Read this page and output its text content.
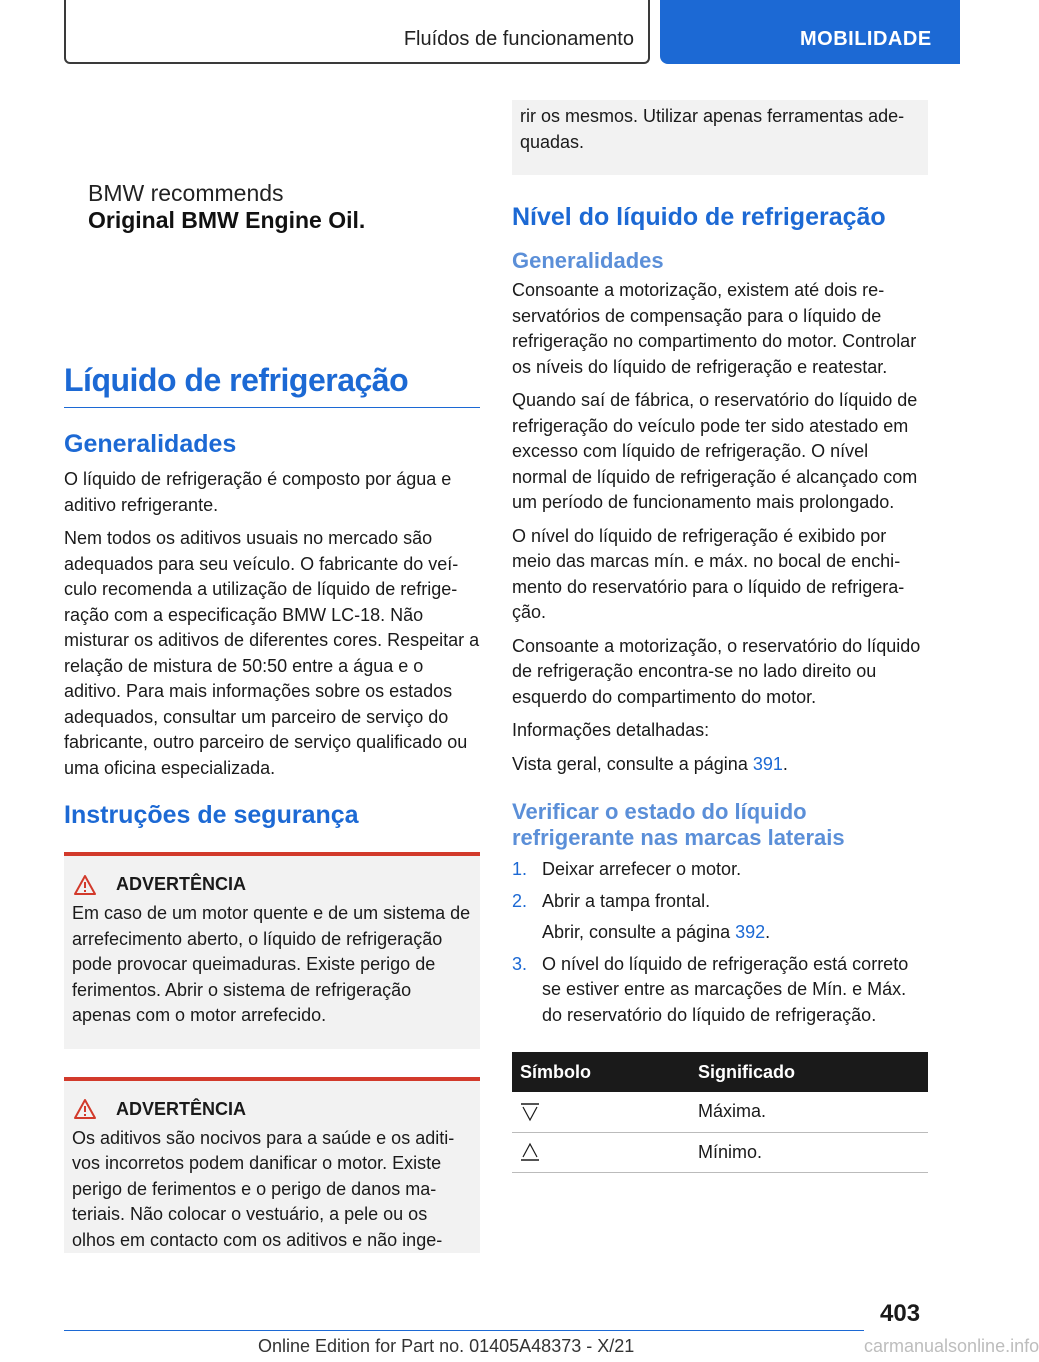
Fluídos de funcionamento	MOBILIDADE
BMW recommends
Original BMW Engine Oil.
Líquido de refrigeração
Generalidades

O líquido de refrigeração é composto por água e aditivo refrigerante.

Nem todos os aditivos usuais no mercado são adequados para seu veículo. O fabricante do veículo recomenda a utilização de líquido de refrigeração com a especificação BMW LC-18. Não misturar os aditivos de diferentes cores. Respeitar a relação de mistura de 50:50 entre a água e o aditivo. Para mais informações sobre os estados adequados, consultar um parceiro de serviço do fabricante, outro parceiro de serviço qualificado ou uma oficina especializada.

Instruções de segurança
ADVERTÊNCIA

Em caso de um motor quente e de um sistema de arrefecimento aberto, o líquido de refrigeração pode provocar queimaduras. Existe perigo de ferimentos. Abrir o sistema de refrigeração apenas com o motor arrefecido.

ADVERTÊNCIA

Os aditivos são nocivos para a saúde e os aditivos incorretos podem danificar o motor. Existe perigo de ferimentos e o perigo de danos materiais. Não colocar o vestuário, a pele ou os olhos em contacto com os aditivos e não inge-

rir os mesmos. Utilizar apenas ferramentas adequadas.
Nível do líquido de refrigeração
Generalidades

Consoante a motorização, existem até dois reservatórios de compensação para o líquido de refrigeração no compartimento do motor. Controlar os níveis do líquido de refrigeração e reatestar.

Quando saí de fábrica, o reservatório do líquido de refrigeração do veículo pode ter sido atestado em excesso com líquido de refrigeração. O nível normal de líquido de refrigeração é alcançado com um período de funcionamento mais prolongado.

O nível do líquido de refrigeração é exibido por meio das marcas mín. e máx. no bocal de enchimento do reservatório para o líquido de refrigeração.

Consoante a motorização, o reservatório do líquido de refrigeração encontra-se no lado direito ou esquerdo do compartimento do motor.

Informações detalhadas:

Vista geral, consulte a página 391.

Verificar o estado do líquido refrigerante nas marcas laterais
1. Deixar arrefecer o motor.
2. Abrir a tampa frontal.
Abrir, consulte a página 392.
3. O nível do líquido de refrigeração está correto se estiver entre as marcações de Mín. e Máx. do reservatório do líquido de refrigeração.
Símbolo	Significado

	Máxima.

	Mínimo.
403
Online Edition for Part no. 01405A48373 - X/21	carmanualsonline.info
